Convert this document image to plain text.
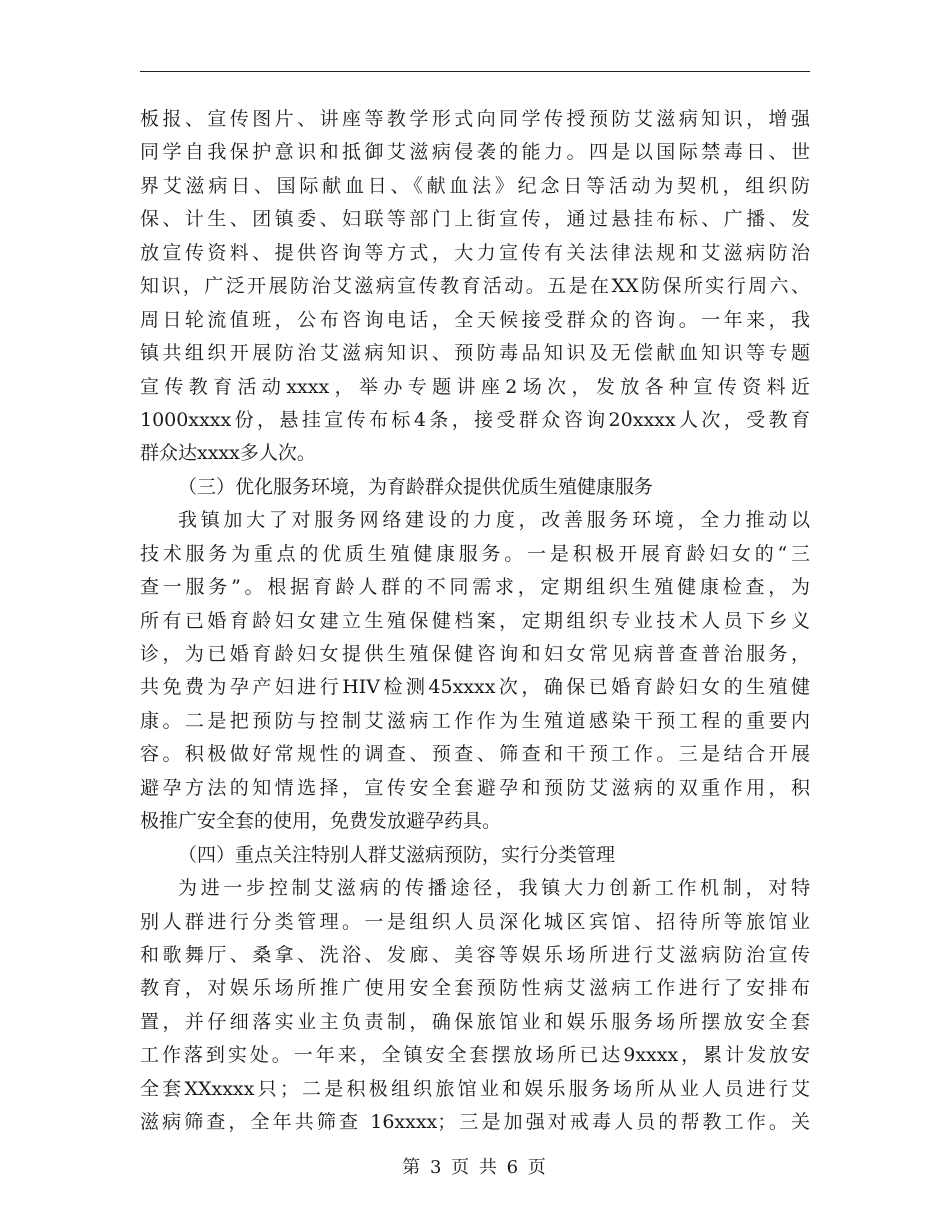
板报、宣传图片、讲座等教学形式向同学传授预防艾滋病知识，增强
同学自我保护意识和抵御艾滋病侵袭的能力。四是以国际禁毒日、世
界艾滋病日、国际献血日、《献血法》纪念日等活动为契机，组织防
保、计生、团镇委、妇联等部门上街宣传，通过悬挂布标、广播、发
放宣传资料、提供咨询等方式，大力宣传有关法律法规和艾滋病防治
知识，广泛开展防治艾滋病宣传教育活动。五是在XX防保所实行周六、
周日轮流值班，公布咨询电话，全天候接受群众的咨询。一年来，我
镇共组织开展防治艾滋病知识、预防毒品知识及无偿献血知识等专题
宣传教育活动xxxx，举办专题讲座2场次，发放各种宣传资料近
1000xxxx份，悬挂宣传布标4条，接受群众咨询20xxxx人次，受教育
群众达xxxx多人次。
（三）优化服务环境，为育龄群众提供优质生殖健康服务
我镇加大了对服务网络建设的力度，改善服务环境，全力推动以
技术服务为重点的优质生殖健康服务。一是积极开展育龄妇女的“三
查一服务”。根据育龄人群的不同需求，定期组织生殖健康检查，为
所有已婚育龄妇女建立生殖保健档案，定期组织专业技术人员下乡义
诊，为已婚育龄妇女提供生殖保健咨询和妇女常见病普查普治服务，
共免费为孕产妇进行HIV检测45xxxx次，确保已婚育龄妇女的生殖健
康。二是把预防与控制艾滋病工作作为生殖道感染干预工程的重要内
容。积极做好常规性的调查、预查、筛查和干预工作。三是结合开展
避孕方法的知情选择，宣传安全套避孕和预防艾滋病的双重作用，积
极推广安全套的使用，免费发放避孕药具。
（四）重点关注特别人群艾滋病预防，实行分类管理
为进一步控制艾滋病的传播途径，我镇大力创新工作机制，对特
别人群进行分类管理。一是组织人员深化城区宾馆、招待所等旅馆业
和歌舞厅、桑拿、洗浴、发廊、美容等娱乐场所进行艾滋病防治宣传
教育，对娱乐场所推广使用安全套预防性病艾滋病工作进行了安排布
置，并仔细落实业主负责制，确保旅馆业和娱乐服务场所摆放安全套
工作落到实处。一年来，全镇安全套摆放场所已达9xxxx，累计发放安
全套XXxxxx只；二是积极组织旅馆业和娱乐服务场所从业人员进行艾
滋病筛查，全年共筛查 16xxxx；三是加强对戒毒人员的帮教工作。关
第 3 页 共 6 页
